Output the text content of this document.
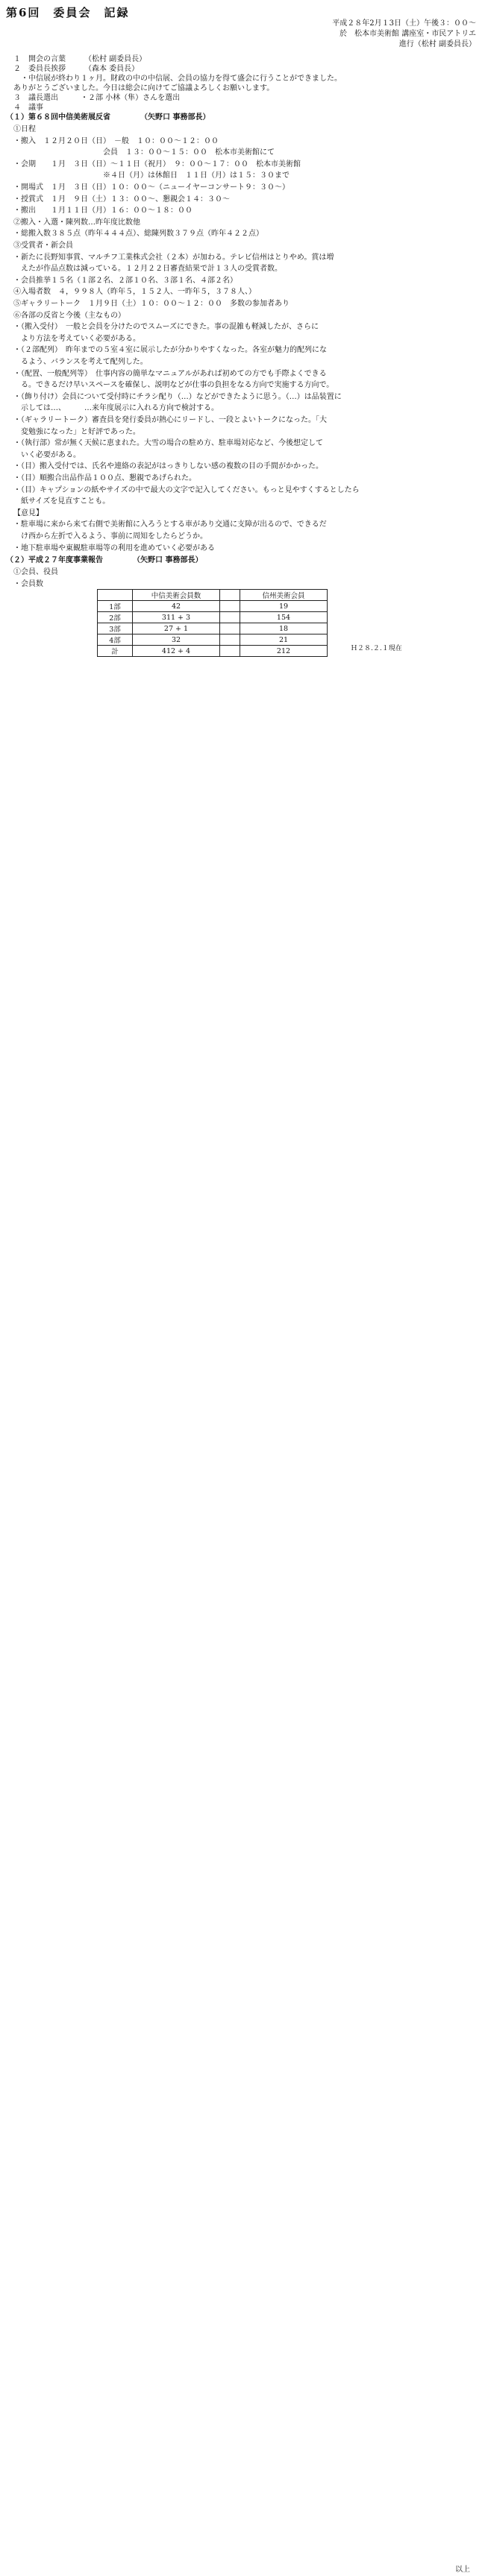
第6回　委員会　記録
平成２８年2月１3日（土）午後３：００～
於　松本市美術館 講座室・市民アトリエ
進行（松村 副委員長）
１　開会の言葉　　　（松村 副委員長）
２　委員長挨拶　　　（森本 委員長）
　・中信展が終わり１ヶ月。財政の中の中信展、会員の協力を得て盛会に行うことができました。
ありがとうございました。今日は総会に向けてご協議よろしくお願いします。
３　議長選出　　　・２部 小林（隼）さんを選出
４　議事
（１）第６８回中信美術展反省	（矢野口 事務部長）
①日程
・搬入　１２月２０日（日）　－般　１０：００～１２：００
　　　　　　　　　　　　会員　１３：００～１５：００　松本市美術館にて
・会期　　１月　３日（日）～１１日（祝月）　９：００～１７：００　松本市美術館
　　　　　　　　　　　　※４日（月）は休館日　１１日（月）は１５：３０まで
・開場式　１月　３日（日）１０：００～（ニューイヤーコンサート９：３０～）
・授賞式　１月　９日（土）１３：００～、懇親会１４：３０～
・搬出　　１月１１日（月）１６：００～１８：００
②搬入・入選・陳列数…昨年度比数他
・総搬入数３８５点（昨年４４４点）、総陳列数３７９点（昨年４２２点）
③受賞者・新会員
・新たに長野知事賞、マルチフ工業株式会社（２本）が加わる。テレビ信州はとりやめ。賞は増
　えたが作品点数は減っている。１２月２２日審査結果で計１３人の受賞者数。
・会員推挙１５名（１部２名、２部１０名、３部１名、４部２名）
④入場者数　４，９９８人（昨年５，１５２人、一昨年５，３７８人、）
⑤ギャラリートーク　１月９日（土）１０：００～１２：００　多数の参加者あり
⑥各部の反省と今後（主なもの）
・（搬入受付）　一般と会員を分けたのでスムーズにできた。事の混雑も軽減したが、さらに
　より方法を考えていく必要がある。
・（２部配列）　昨年までの５室４室に展示したが分かりやすくなった。各室が魅力的配列にな
　るよう、バランスを考えて配列した。
・（配置、一般配列等）　仕事内容の簡単なマニュアルがあれば初めての方でも手際よくできる
　る。できるだけ早いスペースを確保し、説明などが仕事の負担をなる方向で実施する方向で。
・（飾り付け）会員について受付時にチラシ配り（…）などができたように思う。（…）は品装置に
　示しては…、　　　…来年度展示に入れる方向で検討する。
・（ギャラリートーク）審査員を発行委員が熱心にリードし、一段とよいトークになった。「大
　変勉強になった」と好評であった。
・（執行部）常が無く天候に恵まれた。大雪の場合の駐め方、駐車場対応など、今後想定して
　いく必要がある。
・（目）搬入受付では、氏名や連絡の表記がはっきりしない感の複数の目の手間がかかった。
・（目）順搬合出品作品１００点、懇親であげられた。
・（目）キャプションの紙やサイズの中で最大の文字で記入してください。もっと見やすくするとしたら
　紙サイズを見直すことも。
【意見】
・駐車場に来から来て右側で美術館に入ろうとする車があり交通に支障が出るので、できるだ
　け西から左折で入るよう、事前に周知をしたらどうか。
・地下駐車場や東観駐車場等の利用を進めていく必要がある
（２）平成２７年度事業報告	（矢野口 事務部長）
①会員、役員
・会員数
	中信美術会員数		信州美術会員
1部	42		19
2部	311 + 3		154
3部	27 + 1		18
4部	32		21
計	412 + 4		212	Ｈ２８.２.１現在
以上
